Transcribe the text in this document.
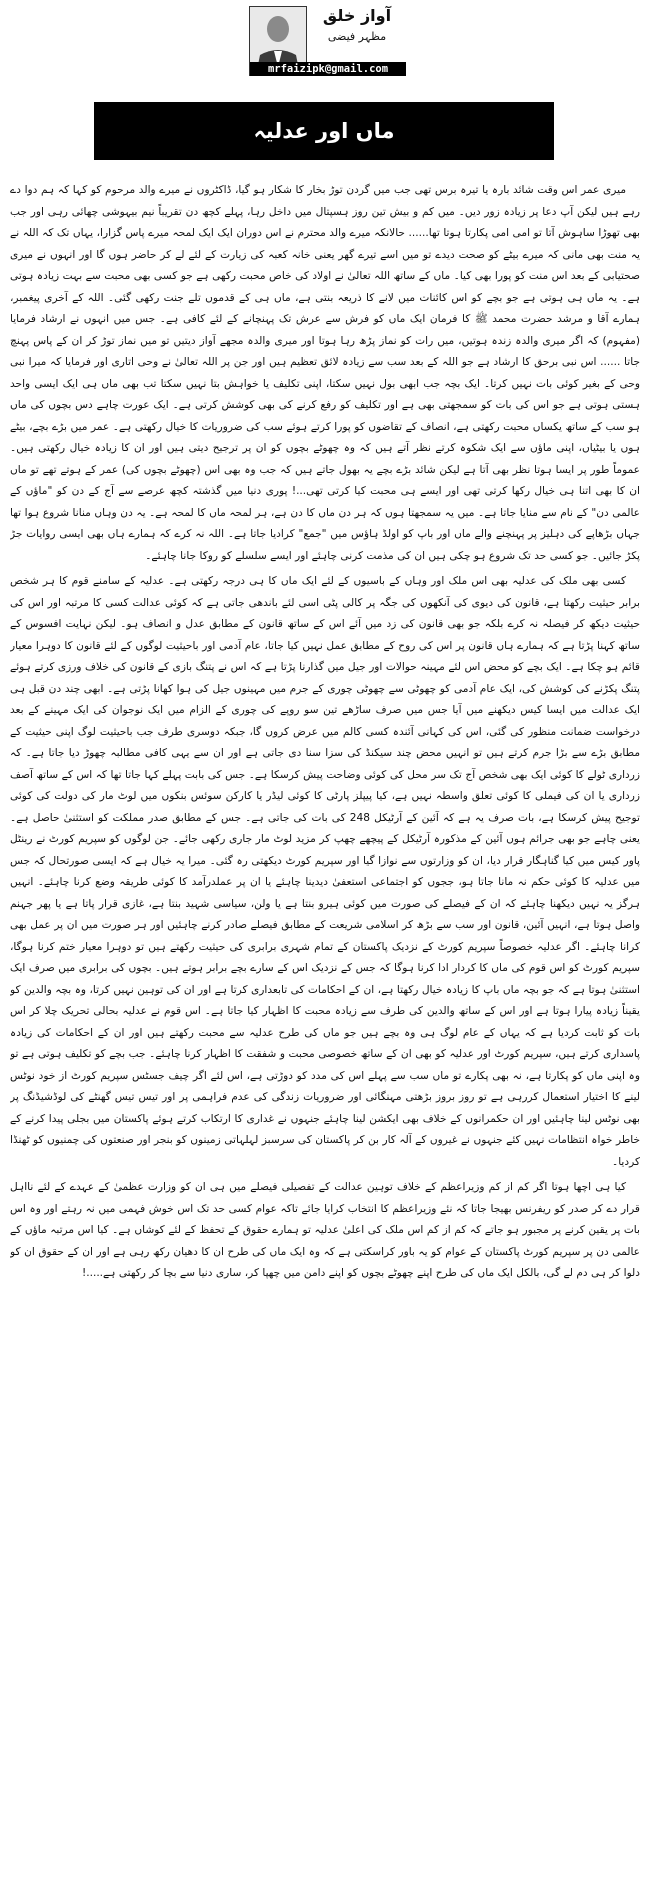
آواز خلق
مظہر فیضی
mrfaizipk@gmail.com
ماں اور عدلیہ

میری عمر اس وقت شائد بارہ یا تیرہ برس تھی جب میں گردن توڑ بخار کا شکار ہو گیا، ڈاکٹروں نے میرے والد مرحوم کو کہا کہ ہم دوا دے رہے ہیں لیکن آپ دعا پر زیادہ زور دیں۔ میں کم و بیش تین روز ہسپتال میں داخل رہا، پہلے کچھ دن تقریباً نیم بیہوشی چھائی رہی اور جب بھی تھوڑا ساہوش آتا تو امی امی پکارتا ہوتا تھا...... حالانکہ میرے والد محترم نے اس دوران ایک ایک لمحہ میرے پاس گزارا، یہاں تک کہ اللہ نے یہ منت بھی مانی کہ میرے بیٹے کو صحت دیدے تو میں اسے تیرے گھر یعنی خانہ کعبہ کی زیارت کے لئے لے کر حاضر ہوں گا اور انہوں نے میری صحتیابی کے بعد اس منت کو پورا بھی کیا۔ ماں کے ساتھ اللہ تعالیٰ نے اولاد کی خاص محبت رکھی ہے جو کسی بھی محبت سے بہت زیادہ ہوتی ہے۔ یہ ماں ہی ہوتی ہے جو بچے کو اس کائنات میں لانے کا ذریعہ بنتی ہے، ماں ہی کے قدموں تلے جنت رکھی گئی۔ اللہ کے آخری پیغمبر، ہمارے آقا و مرشد حضرت محمد ﷺ کا فرمان ایک ماں کو فرش سے عرش تک پہنچانے کے لئے کافی ہے۔ جس میں انہوں نے ارشاد فرمایا (مفہوم) کہ اگر میری والدہ زندہ ہوتیں، میں رات کو نماز پڑھ رہا ہوتا اور میری والدہ مجھے آواز دیتیں تو میں نماز توڑ کر ان کے پاس پہنچ جاتا ...... اس نبی برحق کا ارشاد ہے جو اللہ کے بعد سب سے زیادہ لائق تعظیم ہیں اور جن پر اللہ تعالیٰ نے وحی اتاری اور فرمایا کہ میرا نبی وحی کے بغیر کوئی بات نہیں کرتا۔ ایک بچہ جب ابھی بول نہیں سکتا، اپنی تکلیف یا خواہش بتا نہیں سکتا تب بھی ماں ہی ایک ایسی واحد ہستی ہوتی ہے جو اس کی بات کو سمجھتی بھی ہے اور تکلیف کو رفع کرنے کی بھی کوشش کرتی ہے۔ ایک عورت چاہے دس بچوں کی ماں ہو سب کے ساتھ یکساں محبت رکھتی ہے، انصاف کے تقاضوں کو پورا کرتے ہوئے سب کی ضروریات کا خیال رکھتی ہے۔ عمر میں بڑے بچے، بیٹے ہوں یا بیٹیاں، اپنی ماؤں سے ایک شکوہ کرتے نظر آتے ہیں کہ وہ چھوٹے بچوں کو ان پر ترجیح دیتی ہیں اور ان کا زیادہ خیال رکھتی ہیں۔ عموماً طور پر ایسا ہوتا نظر بھی آتا ہے لیکن شائد بڑے بچے یہ بھول جاتے ہیں کہ جب وہ بھی اس (چھوٹے بچوں کی) عمر کے ہوتے تھے تو ماں ان کا بھی اتنا ہی خیال رکھا کرتی تھی اور ایسے ہی محبت کیا کرتی تھی...! پوری دنیا میں گذشتہ کچھ عرصے سے آج کے دن کو "ماؤں کے عالمی دن" کے نام سے منایا جاتا ہے۔ میں یہ سمجھتا ہوں کہ ہر دن ماں کا دن ہے، ہر لمحہ ماں کا لمحہ ہے۔ یہ دن وہاں منانا شروع ہوا تھا جہاں بڑھاپے کی دہلیز پر پہنچنے والے ماں اور باپ کو اولڈ ہاؤس میں "جمع" کرادیا جاتا ہے۔ اللہ نہ کرے کہ ہمارے ہاں بھی ایسی روایات جڑ پکڑ جائیں۔ جو کسی حد تک شروع ہو چکی ہیں ان کی مذمت کرنی چاہئے اور ایسے سلسلے کو روکا جانا چاہئے۔

کسی بھی ملک کی عدلیہ بھی اس ملک اور وہاں کے باسیوں کے لئے ایک ماں کا ہی درجہ رکھتی ہے۔ عدلیہ کے سامنے قوم کا ہر شخص برابر حیثیت رکھتا ہے، قانون کی دیوی کی آنکھوں کی جگہ پر کالی پٹی اسی لئے باندھی جاتی ہے کہ کوئی عدالت کسی کا مرتبہ اور اس کی حیثیت دیکھ کر فیصلہ نہ کرے بلکہ جو بھی قانون کی زد میں آئے اس کے ساتھ قانون کے مطابق عدل و انصاف ہو۔ لیکن نہایت افسوس کے ساتھ کہنا پڑتا ہے کہ ہمارے ہاں قانون پر اس کی روح کے مطابق عمل نہیں کیا جاتا، عام آدمی اور باحیثیت لوگوں کے لئے قانون کا دوہرا معیار قائم ہو چکا ہے۔ ایک بچے کو محض اس لئے مہینہ حوالات اور جیل میں گذارنا پڑتا ہے کہ اس نے پتنگ بازی کے قانون کی خلاف ورزی کرتے ہوئے پتنگ پکڑنے کی کوشش کی، ایک عام آدمی کو چھوٹی سے چھوٹی چوری کے جرم میں مہینوں جیل کی ہوا کھانا پڑتی ہے۔ ابھی چند دن قبل ہی ایک عدالت میں ایسا کیس دیکھنے میں آیا جس میں صرف ساڑھے تین سو روپے کی چوری کے الزام میں ایک نوجوان کی ایک مہینے کے بعد درخواست ضمانت منظور کی گئی، اس کی کہانی آئندہ کسی کالم میں عرض کروں گا، جبکہ دوسری طرف جب باحیثیت لوگ اپنی حیثیت کے مطابق بڑے سے بڑا جرم کرتے ہیں تو انہیں محض چند سیکنڈ کی سزا سنا دی جاتی ہے اور ان سے یہی کافی مطالبہ چھوڑ دیا جاتا ہے۔ کہ زرداری ٹولے کا کوئی ایک بھی شخص آج تک سر محل کی کوئی وضاحت پیش کرسکا ہے۔ جس کی بابت پہلے کہا جاتا تھا کہ اس کے ساتھ آصف زرداری یا ان کی فیملی کا کوئی تعلق واسطہ نہیں ہے، کیا پیپلز پارٹی کا کوئی لیڈر یا کارکن سوئس بنکوں میں لوٹ مار کی دولت کی کوئی توجیح پیش کرسکا ہے، بات صرف یہ ہے کہ آئین کے آرٹیکل 248 کی بات کی جاتی ہے۔ جس کے مطابق صدر مملکت کو استثنیٰ حاصل ہے۔ یعنی چاہے جو بھی جرائم ہوں آئین کے مذکورہ آرٹیکل کے پیچھے چھپ کر مزید لوٹ مار جاری رکھی جائے۔ جن لوگوں کو سپریم کورٹ نے رینٹل پاور کیس میں کیا گناہگار قرار دیا، ان کو وزارتوں سے نوازا گیا اور سپریم کورٹ دیکھتی رہ گئی۔ میرا یہ خیال ہے کہ ایسی صورتحال کہ جس میں عدلیہ کا کوئی حکم نہ مانا جاتا ہو، ججوں کو اجتماعی استعفیٰ دیدینا چاہئے یا ان پر عملدرآمد کا کوئی طریقہ وضع کرنا چاہئے۔ انہیں ہرگز یہ نہیں دیکھنا چاہئے کہ ان کے فیصلے کی صورت میں کوئی ہیرو بنتا ہے یا ولن، سیاسی شہید بنتا ہے، غازی قرار پاتا ہے یا پھر جہنم واصل ہوتا ہے، انہیں آئین، قانون اور سب سے بڑھ کر اسلامی شریعت کے مطابق فیصلے صادر کرنے چاہئیں اور ہر صورت میں ان پر عمل بھی کرانا چاہئے۔ اگر عدلیہ خصوصاً سپریم کورٹ کے نزدیک پاکستان کے تمام شہری برابری کی حیثیت رکھتے ہیں تو دوہرا معیار ختم کرنا ہوگا، سپریم کورٹ کو اس قوم کی ماں کا کردار ادا کرنا ہوگا کہ جس کے نزدیک اس کے سارے بچے برابر ہوتے ہیں۔ بچوں کی برابری میں صرف ایک استثنیٰ ہوتا ہے کہ جو بچہ ماں باپ کا زیادہ خیال رکھتا ہے، ان کے احکامات کی تابعداری کرتا ہے اور ان کی توہین نہیں کرتا، وہ بچہ والدین کو یقیناً زیادہ پیارا ہوتا ہے اور اس کے ساتھ والدین کی طرف سے زیادہ محبت کا اظہار کیا جاتا ہے۔ اس قوم نے عدلیہ بحالی تحریک چلا کر اس بات کو ثابت کردیا ہے کہ یہاں کے عام لوگ ہی وہ بچے ہیں جو ماں کی طرح عدلیہ سے محبت رکھتے ہیں اور ان کے احکامات کی زیادہ پاسداری کرتے ہیں، سپریم کورٹ اور عدلیہ کو بھی ان کے ساتھ خصوصی محبت و شفقت کا اظہار کرنا چاہئے۔ جب بچے کو تکلیف ہوتی ہے تو وہ اپنی ماں کو پکارتا ہے، نہ بھی پکارے تو ماں سب سے پہلے اس کی مدد کو دوڑتی ہے، اس لئے اگر چیف جسٹس سپریم کورٹ از خود نوٹس لینے کا اختیار استعمال کررہی ہے تو روز بروز بڑھتی مہنگائی اور ضروریات زندگی کی عدم فراہمی پر اور تیس تیس گھنٹے کی لوڈشیڈنگ پر بھی نوٹس لینا چاہئیں اور ان حکمرانوں کے خلاف بھی ایکشن لینا چاہئے جنہوں نے غداری کا ارتکاب کرتے ہوئے پاکستان میں بجلی پیدا کرنے کے خاطر خواہ انتظامات نہیں کئے جنہوں نے غیروں کے آلہ کار بن کر پاکستان کی سرسبز لہلہاتی زمینوں کو بنجر اور صنعتوں کی چمنیوں کو ٹھنڈا کردیا۔

کیا ہی اچھا ہوتا اگر کم از کم وزیراعظم کے خلاف توہین عدالت کے تفصیلی فیصلے میں ہی ان کو وزارت عظمیٰ کے عہدے کے لئے نااہل قرار دے کر صدر کو ریفرنس بھیجا جاتا کہ نئے وزیراعظم کا انتخاب کرایا جائے تاکہ عوام کسی حد تک اس خوش فہمی میں نہ رہتے اور وہ اس بات پر یقین کرنے پر مجبور ہو جاتے کہ کم از کم اس ملک کی اعلیٰ عدلیہ تو ہمارے حقوق کے تحفظ کے لئے کوشاں ہے۔ کیا اس مرتبہ ماؤں کے عالمی دن پر سپریم کورٹ پاکستان کے عوام کو یہ باور کراسکتی ہے کہ وہ ایک ماں کی طرح ان کا دھیان رکھ رہی ہے اور ان کے حقوق ان کو دلوا کر ہی دم لے گی، بالکل ایک ماں کی طرح اپنے چھوٹے بچوں کو اپنے دامن میں چھپا کر، ساری دنیا سے بچا کر رکھتی ہے.....!
